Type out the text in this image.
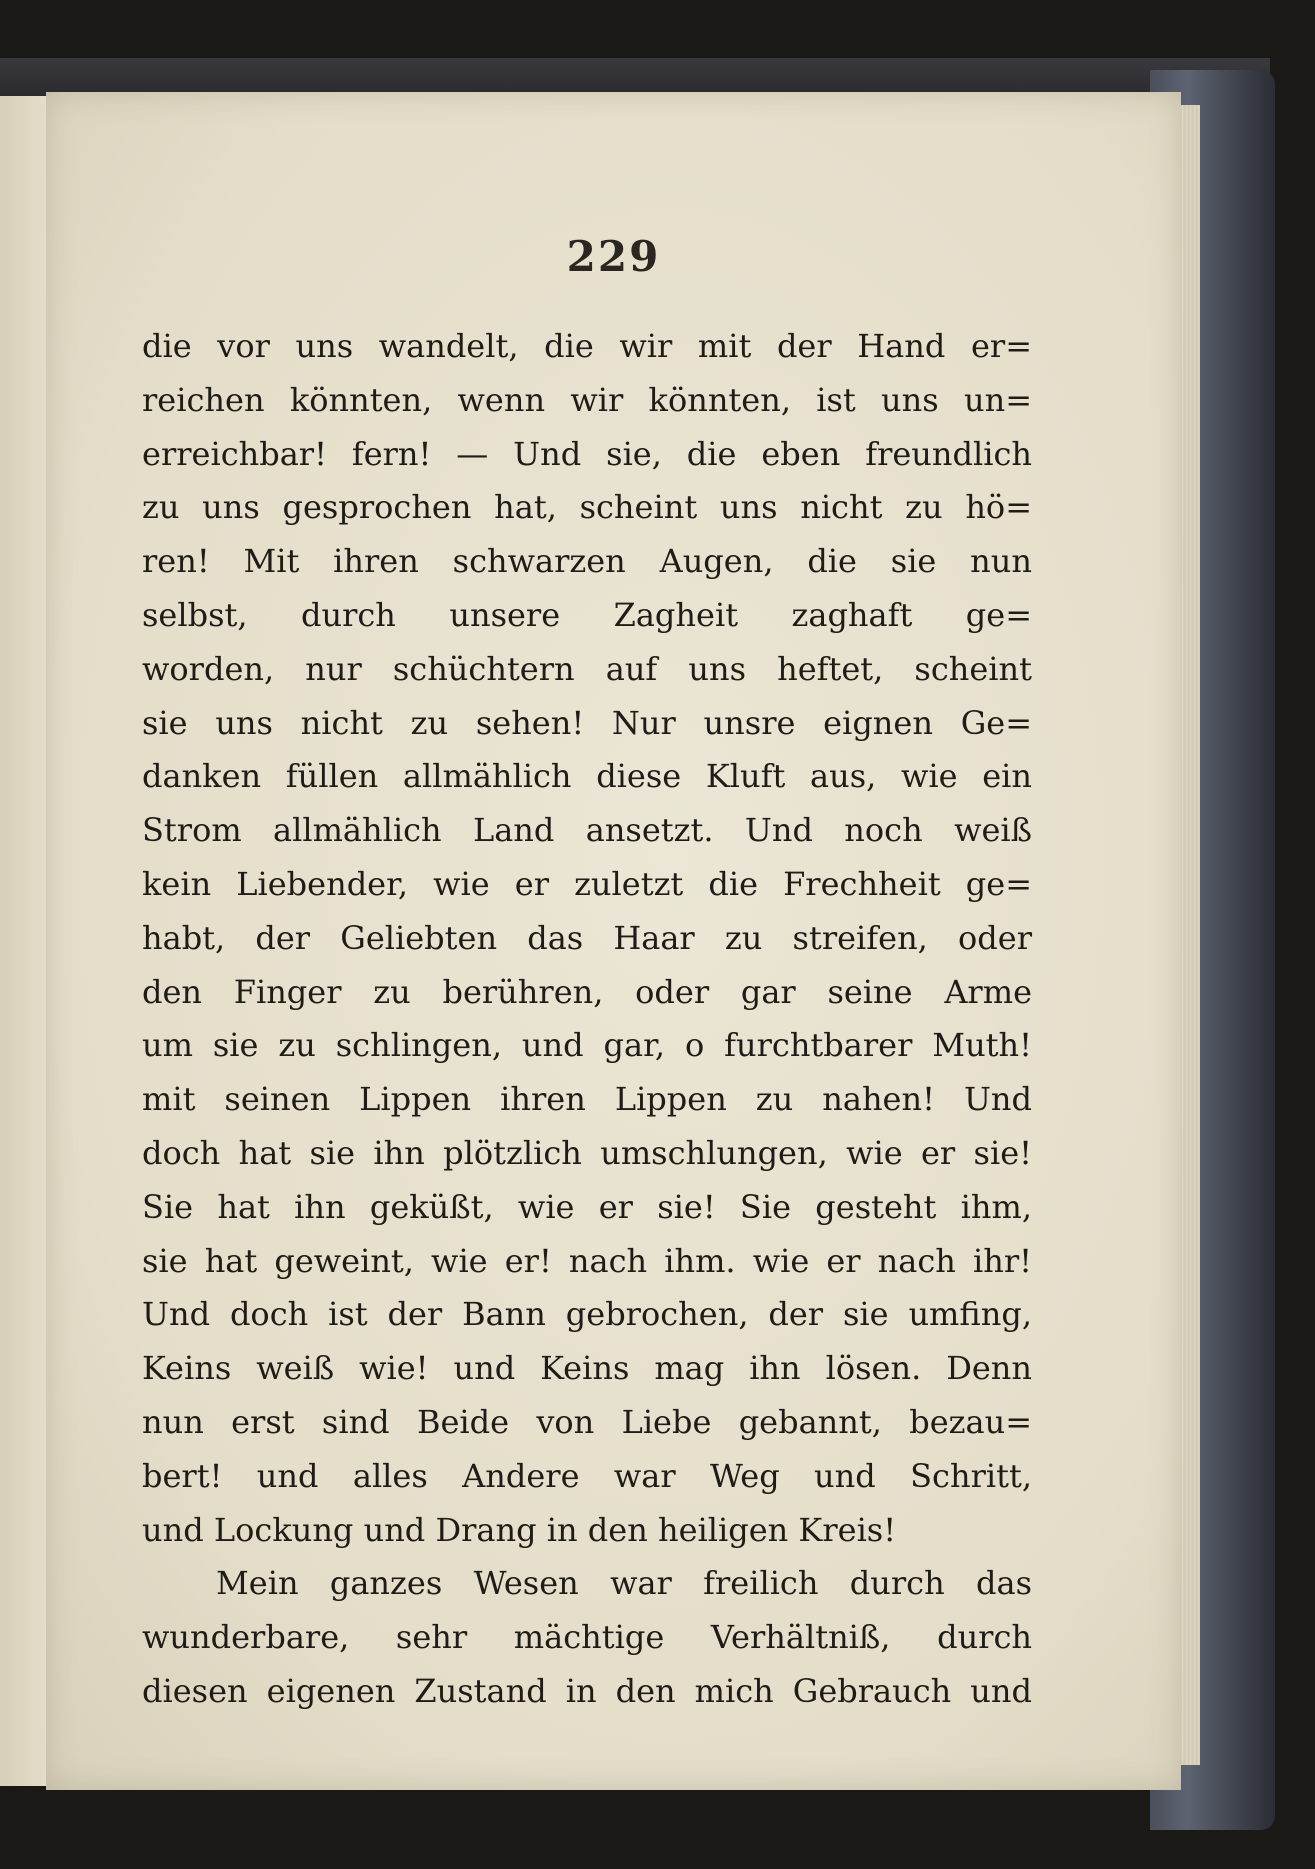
229
die vor uns wandelt, die wir mit der Hand er=
reichen könnten, wenn wir könnten, ist uns un=
erreichbar! fern! — Und sie, die eben freundlich
zu uns gesprochen hat, scheint uns nicht zu hö=
ren! Mit ihren schwarzen Augen, die sie nun
selbst, durch unsere Zagheit zaghaft ge=
worden, nur schüchtern auf uns heftet, scheint
sie uns nicht zu sehen! Nur unsre eignen Ge=
danken füllen allmählich diese Kluft aus, wie ein
Strom allmählich Land ansetzt. Und noch weiß
kein Liebender, wie er zuletzt die Frechheit ge=
habt, der Geliebten das Haar zu streifen, oder
den Finger zu berühren, oder gar seine Arme
um sie zu schlingen, und gar, o furchtbarer Muth!
mit seinen Lippen ihren Lippen zu nahen! Und
doch hat sie ihn plötzlich umschlungen, wie er sie!
Sie hat ihn geküßt, wie er sie! Sie gesteht ihm,
sie hat geweint, wie er! nach ihm. wie er nach ihr!
Und doch ist der Bann gebrochen, der sie umfing,
Keins weiß wie! und Keins mag ihn lösen. Denn
nun erst sind Beide von Liebe gebannt, bezau=
bert! und alles Andere war Weg und Schritt,
und Lockung und Drang in den heiligen Kreis!
Mein ganzes Wesen war freilich durch das
wunderbare, sehr mächtige Verhältniß, durch
diesen eigenen Zustand in den mich Gebrauch und
